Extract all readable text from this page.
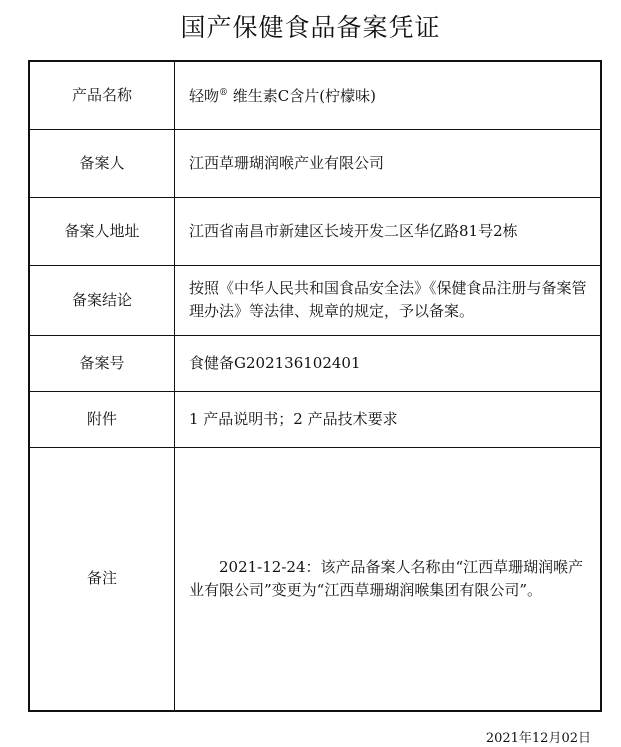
国产保健食品备案凭证
产品名称	轻吻® 维生素C含片(柠檬味)
备案人	江西草珊瑚润喉产业有限公司
备案人地址	江西省南昌市新建区长堎开发二区华亿路81号2栋
备案结论	按照《中华人民共和国食品安全法》《保健食品注册与备案管理办法》等法律、规章的规定，予以备案。
备案号	食健备G202136102401
附件	1 产品说明书；2 产品技术要求
备注	2021-12-24：该产品备案人名称由“江西草珊瑚润喉产业有限公司”变更为“江西草珊瑚润喉集团有限公司”。
2021年12月02日
